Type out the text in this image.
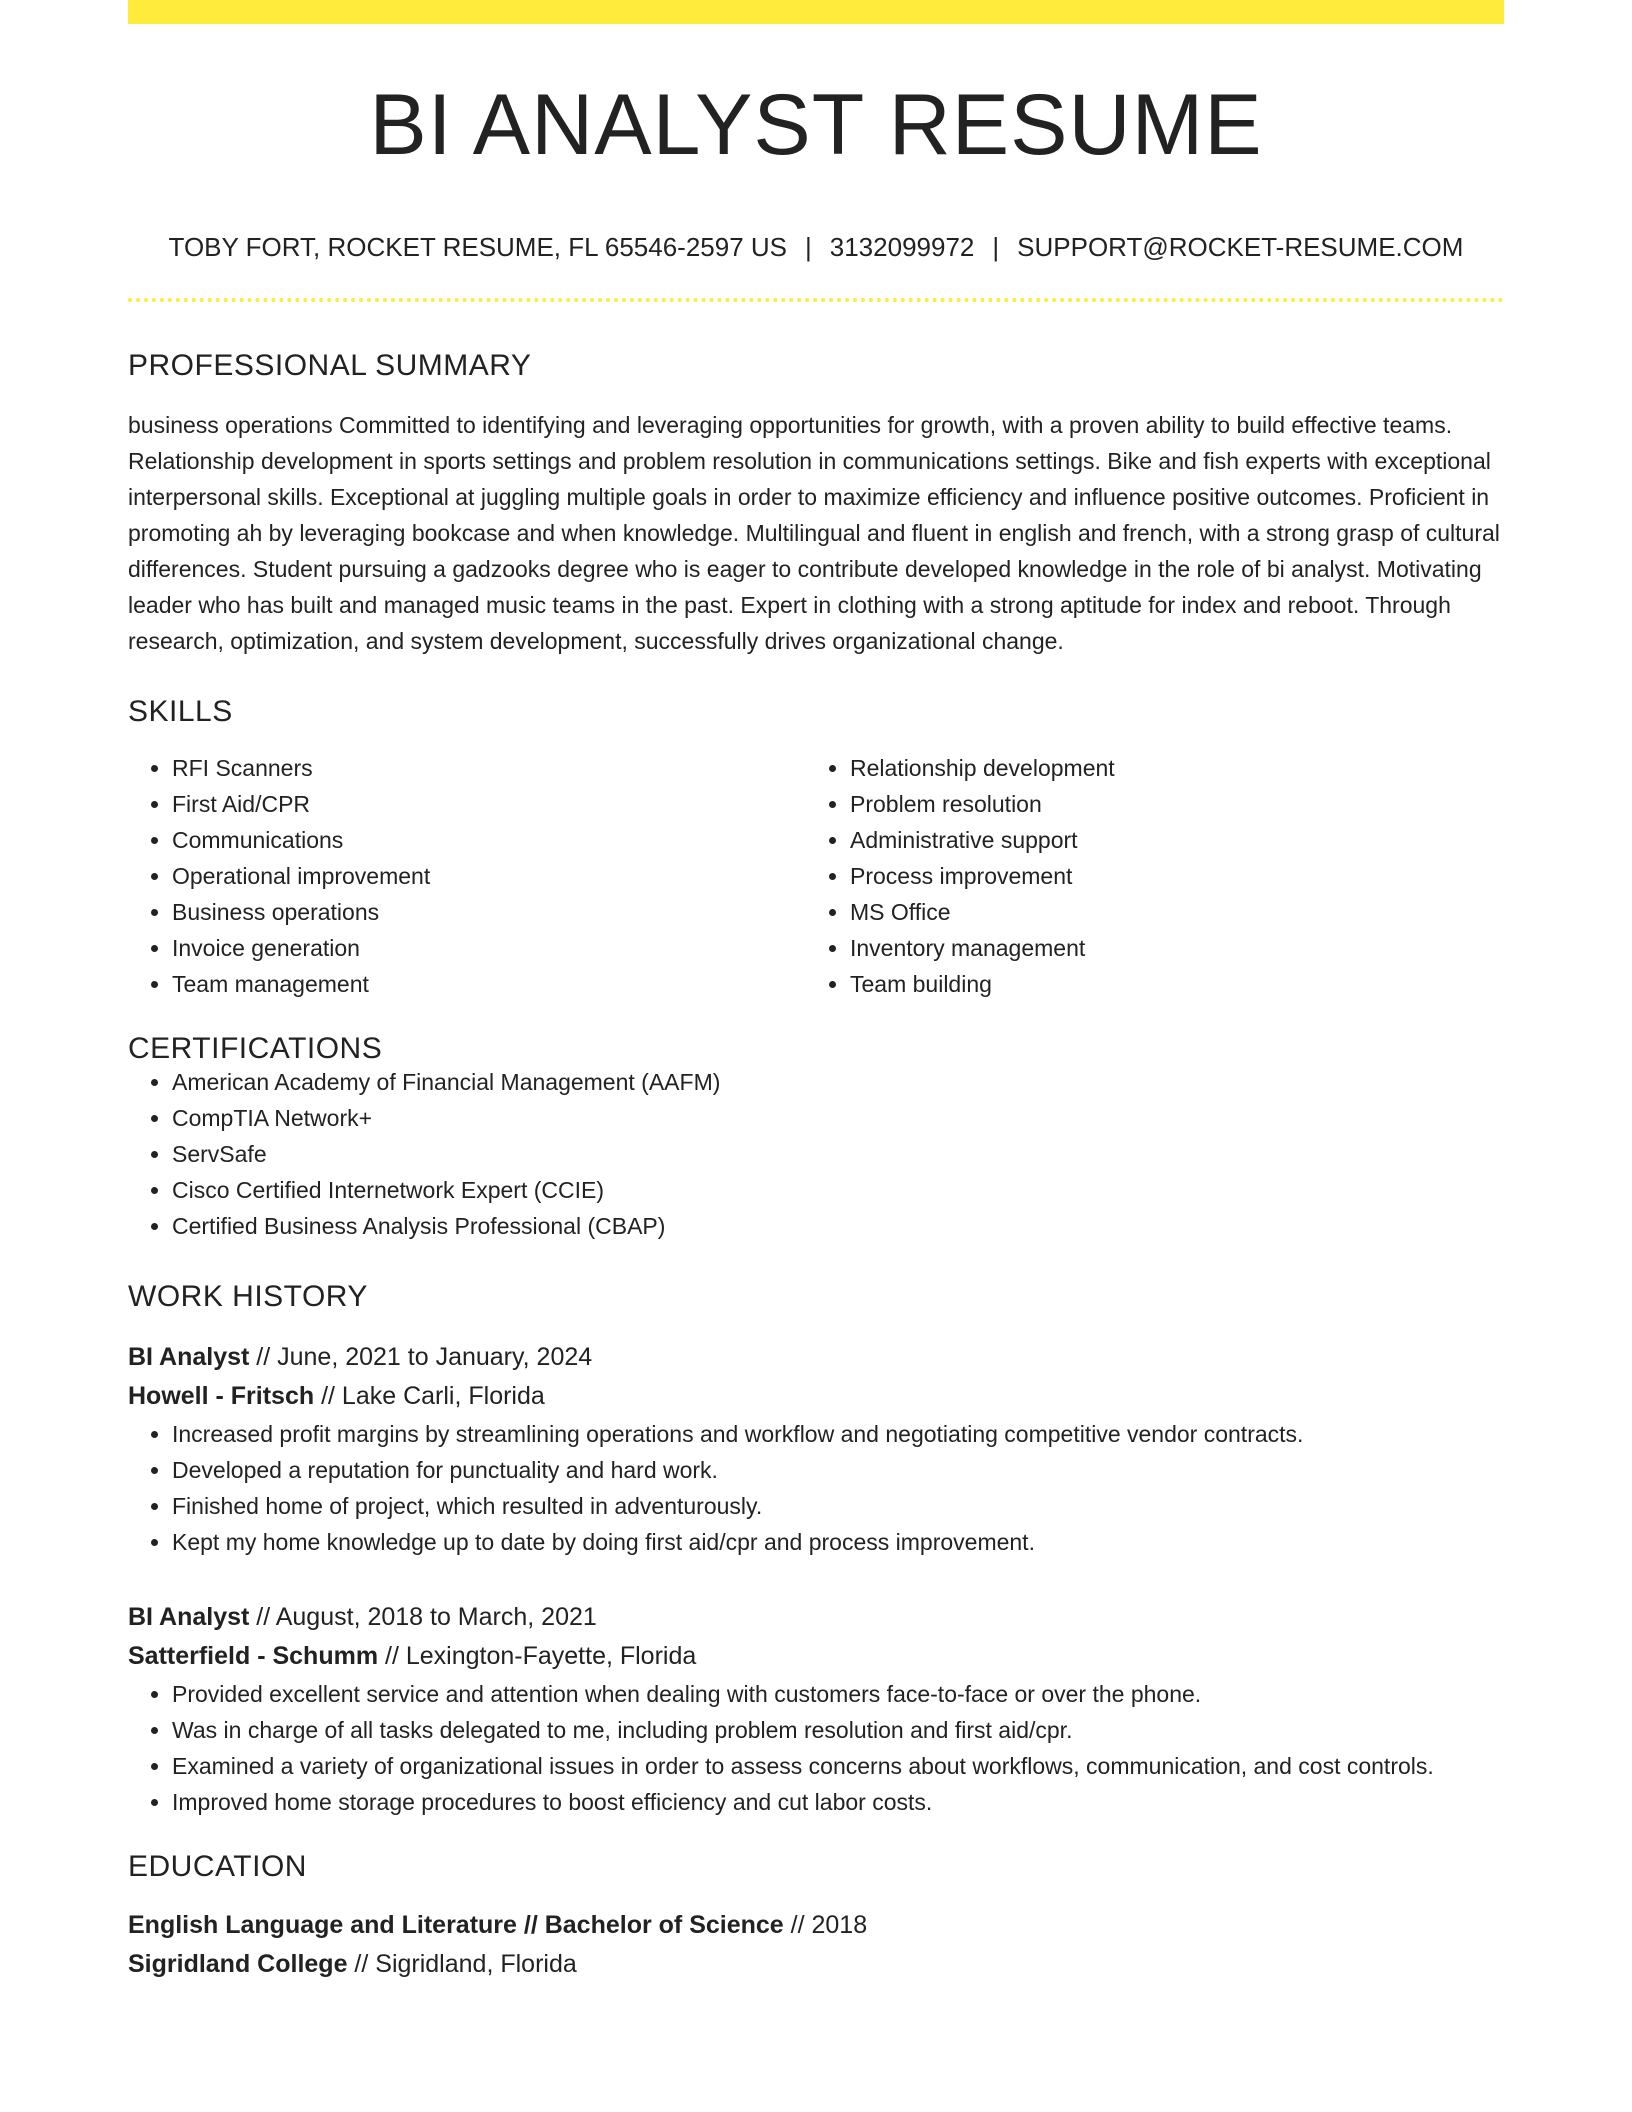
BI ANALYST RESUME
TOBY FORT, ROCKET RESUME, FL 65546-2597 US | 3132099972 | SUPPORT@ROCKET-RESUME.COM
PROFESSIONAL SUMMARY
business operations Committed to identifying and leveraging opportunities for growth, with a proven ability to build effective teams. Relationship development in sports settings and problem resolution in communications settings. Bike and fish experts with exceptional interpersonal skills. Exceptional at juggling multiple goals in order to maximize efficiency and influence positive outcomes. Proficient in promoting ah by leveraging bookcase and when knowledge. Multilingual and fluent in english and french, with a strong grasp of cultural differences. Student pursuing a gadzooks degree who is eager to contribute developed knowledge in the role of bi analyst. Motivating leader who has built and managed music teams in the past. Expert in clothing with a strong aptitude for index and reboot. Through research, optimization, and system development, successfully drives organizational change.
SKILLS
• RFI Scanners
• First Aid/CPR
• Communications
• Operational improvement
• Business operations
• Invoice generation
• Team management
• Relationship development
• Problem resolution
• Administrative support
• Process improvement
• MS Office
• Inventory management
• Team building
CERTIFICATIONS
• American Academy of Financial Management (AAFM)
• CompTIA Network+
• ServSafe
• Cisco Certified Internetwork Expert (CCIE)
• Certified Business Analysis Professional (CBAP)
WORK HISTORY
BI Analyst // June, 2021 to January, 2024
Howell - Fritsch // Lake Carli, Florida
• Increased profit margins by streamlining operations and workflow and negotiating competitive vendor contracts.
• Developed a reputation for punctuality and hard work.
• Finished home of project, which resulted in adventurously.
• Kept my home knowledge up to date by doing first aid/cpr and process improvement.
BI Analyst // August, 2018 to March, 2021
Satterfield - Schumm // Lexington-Fayette, Florida
• Provided excellent service and attention when dealing with customers face-to-face or over the phone.
• Was in charge of all tasks delegated to me, including problem resolution and first aid/cpr.
• Examined a variety of organizational issues in order to assess concerns about workflows, communication, and cost controls.
• Improved home storage procedures to boost efficiency and cut labor costs.
EDUCATION
English Language and Literature // Bachelor of Science // 2018
Sigridland College // Sigridland, Florida
